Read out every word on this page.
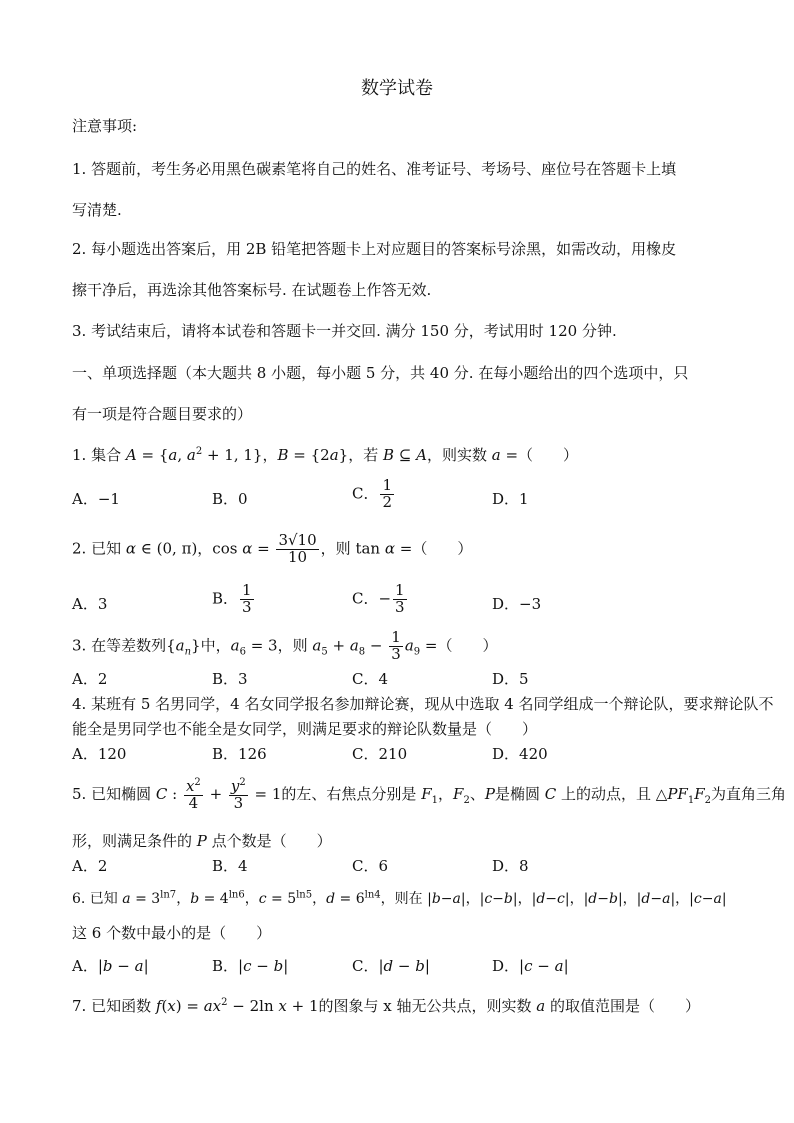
数学试卷
注意事项:
1. 答题前，考生务必用黑色碳素笔将自己的姓名、准考证号、考场号、座位号在答题卡上填
写清楚.
2. 每小题选出答案后，用 2B 铅笔把答题卡上对应题目的答案标号涂黑，如需改动，用橡皮
擦干净后，再选涂其他答案标号. 在试题卷上作答无效.
3. 考试结束后，请将本试卷和答题卡一并交回. 满分 150 分，考试用时 120 分钟.
一、单项选择题（本大题共 8 小题，每小题 5 分，共 40 分. 在每小题给出的四个选项中，只
有一项是符合题目要求的）
1. 集合 A = {a, $a^2 + 1$, 1}，B = {2a}，若 B ⊆ A，则实数 a =（　　）
A．−1	B．0	C． $\frac{1}{2}$	D．1
2. 已知 α ∈ (0, π)，$\cos \alpha = \frac{3√10}{10}$ ，则 tan α =（　　）
A．3	B． $\frac{1}{3}$	C．− $\frac{1}{3}$	D．−3
3. 在等差数列$\{a_n\}$中，$a_6 = 3$，则 $a_5 + a_8 - \frac{1}{3} a_9$ =（　　）
A．2	B．3	C．4	D．5
4. 某班有 5 名男同学，4 名女同学报名参加辩论赛，现从中选取 4 名同学组成一个辩论队，要求辩论队不
能全是男同学也不能全是女同学，则满足要求的辩论队数量是（　　）
A．120	B．126	C．210	D．420
5. 已知椭圆 C : $\frac{x^2}{4} + \frac{y^2}{3} = 1$的左、右焦点分别是 $F_1$，$F_2$、P是椭圆 C 上的动点，且 $\triangle PF_1F_2$为直角三角
形，则满足条件的 P 点个数是（　　）
A．2	B．4	C．6	D．8
6. 已知 $a = 3^{ln7}$，$b = 4^{ln6}$，$c = 5^{ln5}$，$d = 6^{ln4}$，则在 |b−a|，|c−b|，|d−c|，|d−b|，|d−a|，|c−a|
这 6 个数中最小的是（　　）
A．|b − a|	B．|c − b|	C．|d − b|	D．|c − a|
7. 已知函数 $f(x) = ax^2 - 2\ln$ x + 1的图象与 x 轴无公共点，则实数 a 的取值范围是（　　）
